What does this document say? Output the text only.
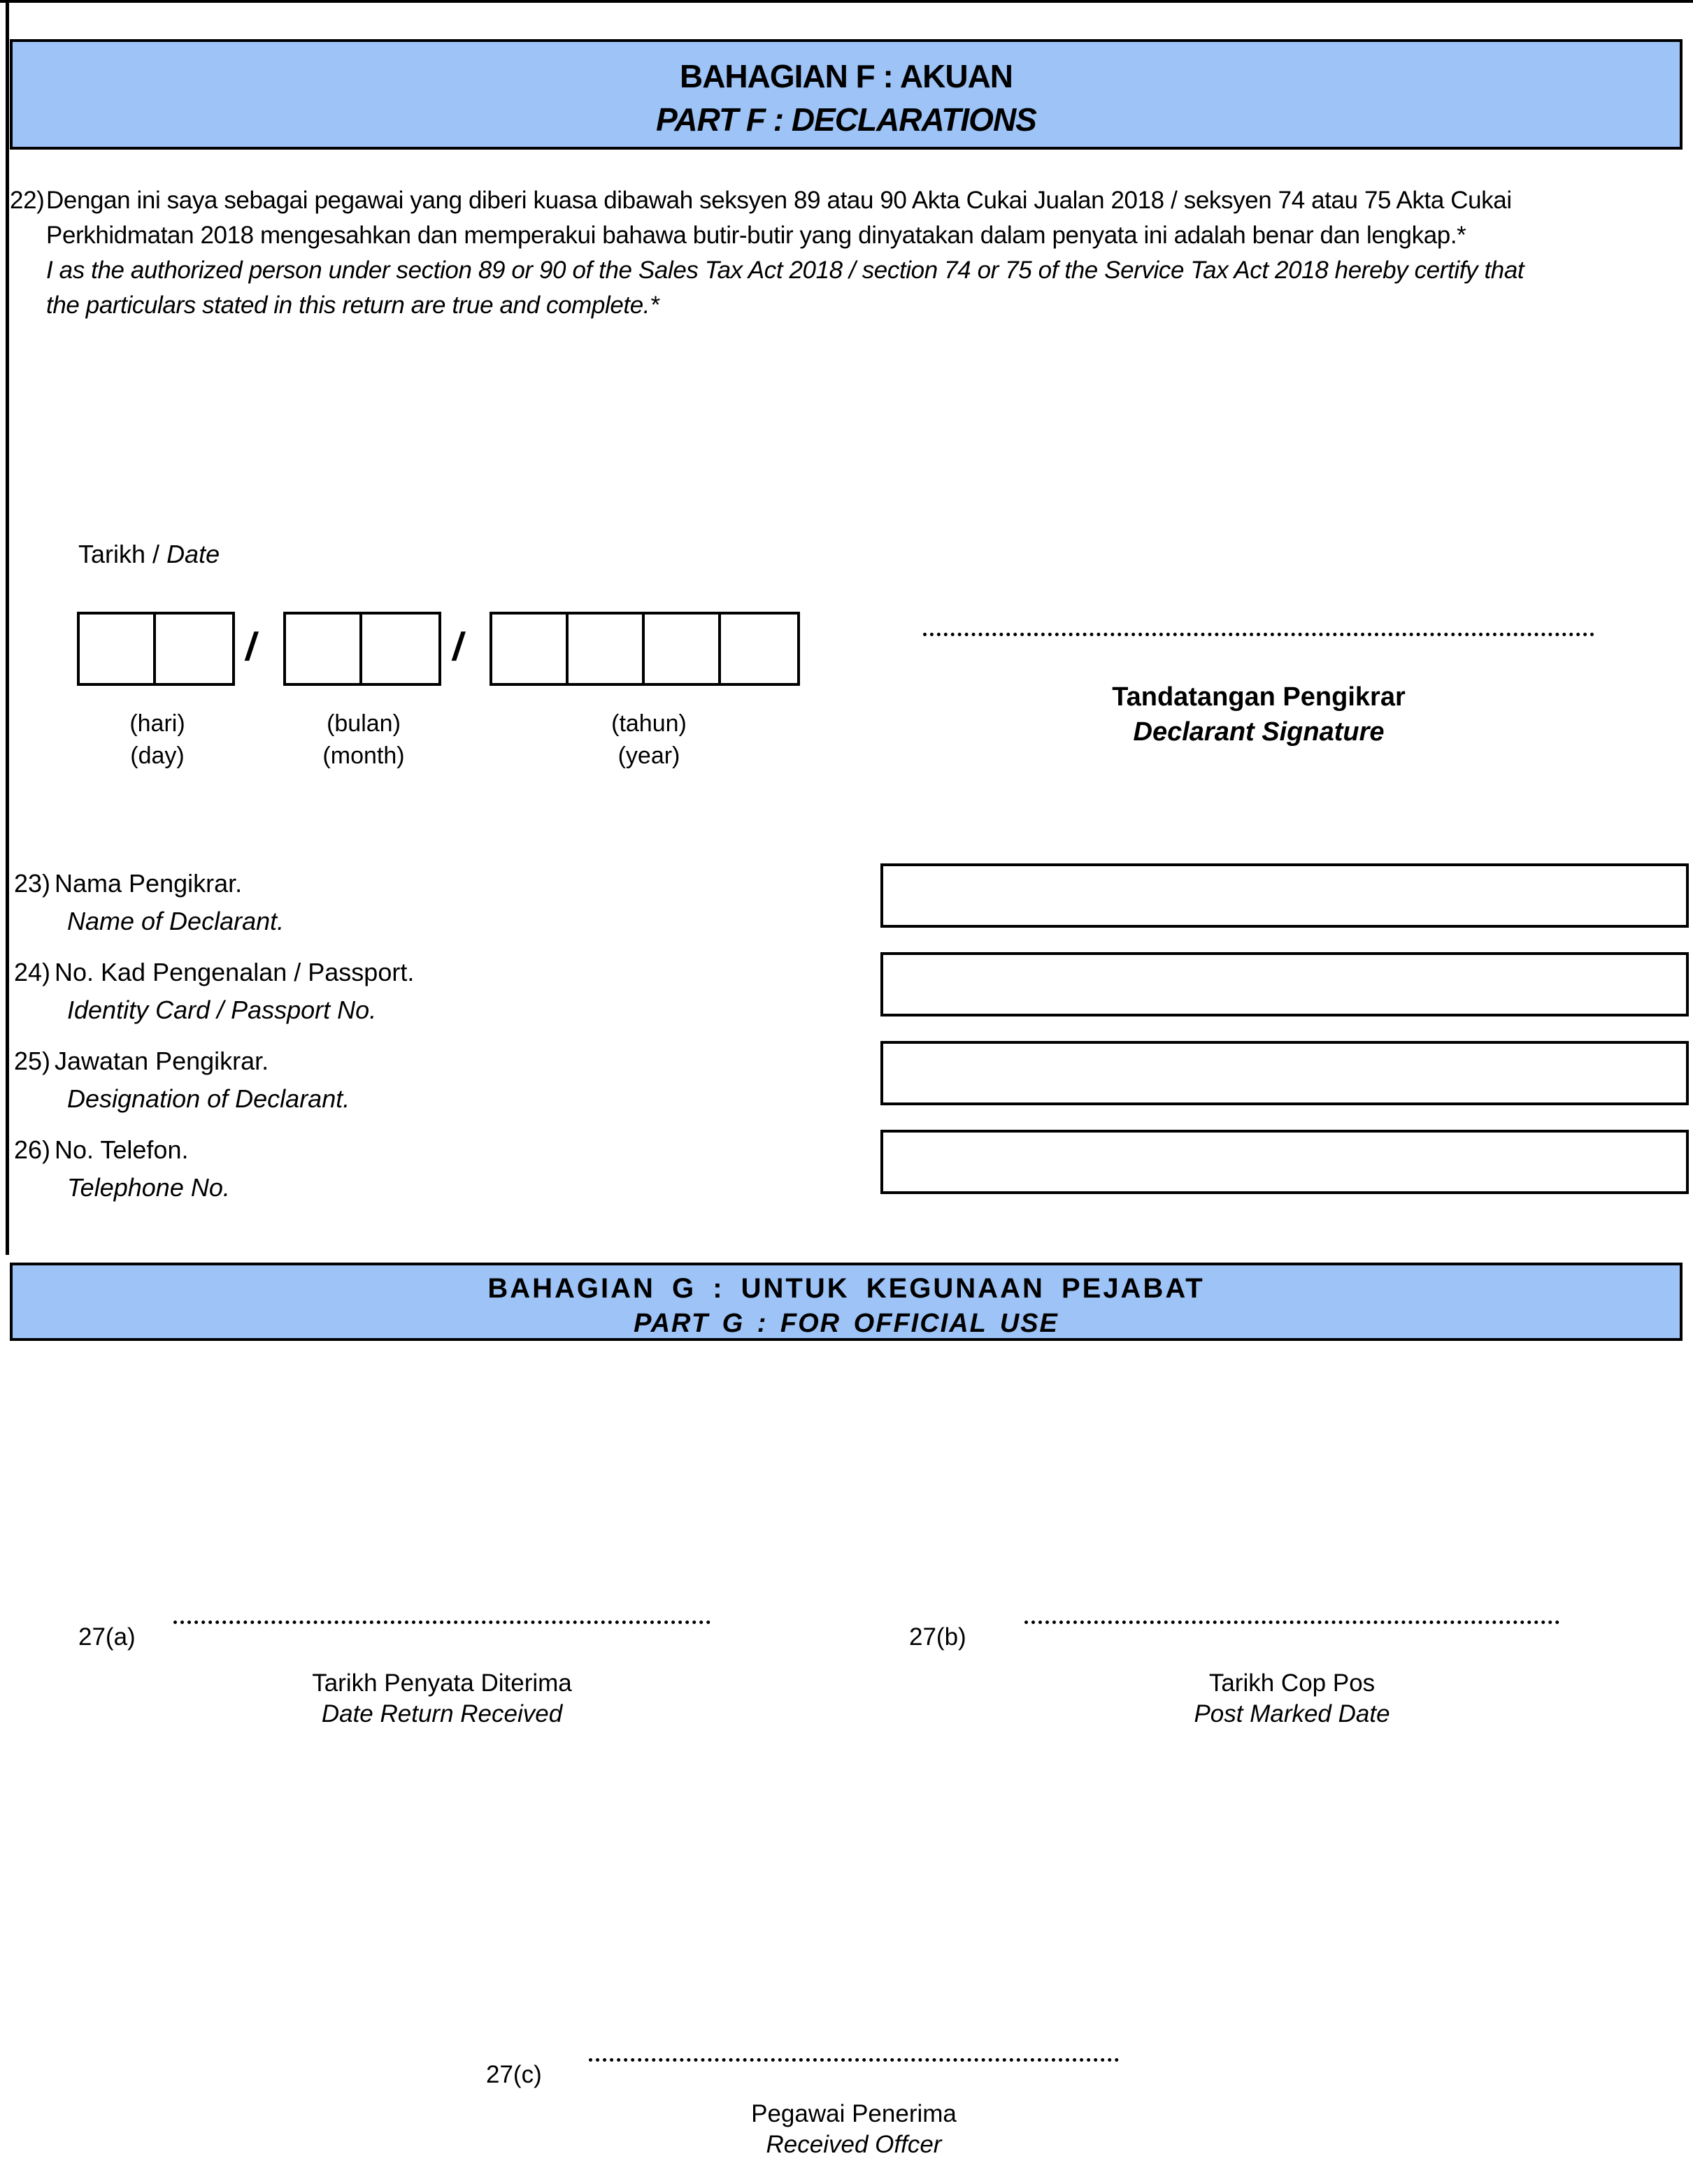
BAHAGIAN F : AKUAN
PART F : DECLARATIONS
22)Dengan ini saya sebagai pegawai yang diberi kuasa dibawah seksyen 89 atau 90 Akta Cukai Jualan 2018 / seksyen 74 atau 75 Akta Cukai
Perkhidmatan 2018 mengesahkan dan memperakui bahawa butir-butir yang dinyatakan dalam penyata ini adalah benar dan lengkap.*
I as the authorized person under section 89 or 90 of the Sales Tax Act 2018 / section 74 or 75 of the Service Tax Act 2018 hereby certify that
the particulars stated in this return are true and complete.*
Tarikh / Date
/	/
(hari)
(day)
(bulan)
(month)
(tahun)
(year)
Tandatangan Pengikrar
Declarant Signature
23) Nama Pengikrar.
Name of Declarant.
24) No. Kad Pengenalan / Passport.
Identity Card / Passport No.
25) Jawatan Pengikrar.
Designation of Declarant.
26) No. Telefon.
Telephone No.
BAHAGIAN G : UNTUK KEGUNAAN PEJABAT
PART G : FOR OFFICIAL USE
27(a)
Tarikh Penyata Diterima
Date Return Received
27(b)
Tarikh Cop Pos
Post Marked Date
27(c)
Pegawai Penerima
Received Offcer
